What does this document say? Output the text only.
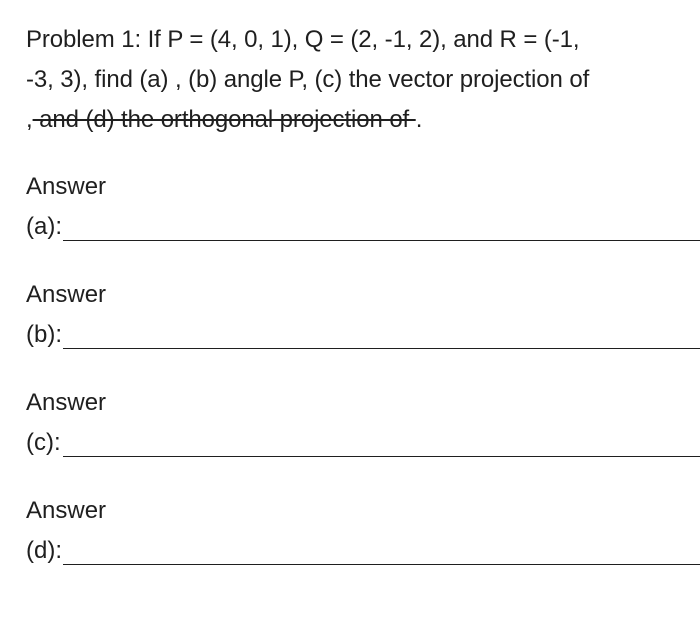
Problem 1: If P = (4, 0, 1), Q = (2, -1, 2), and R = (-1,
-3, 3), find (a) , (b) angle P, (c) the vector projection of
, and (d) the orthogonal projection of .
Answer
(a):
Answer
(b):
Answer
(c):
Answer
(d):
